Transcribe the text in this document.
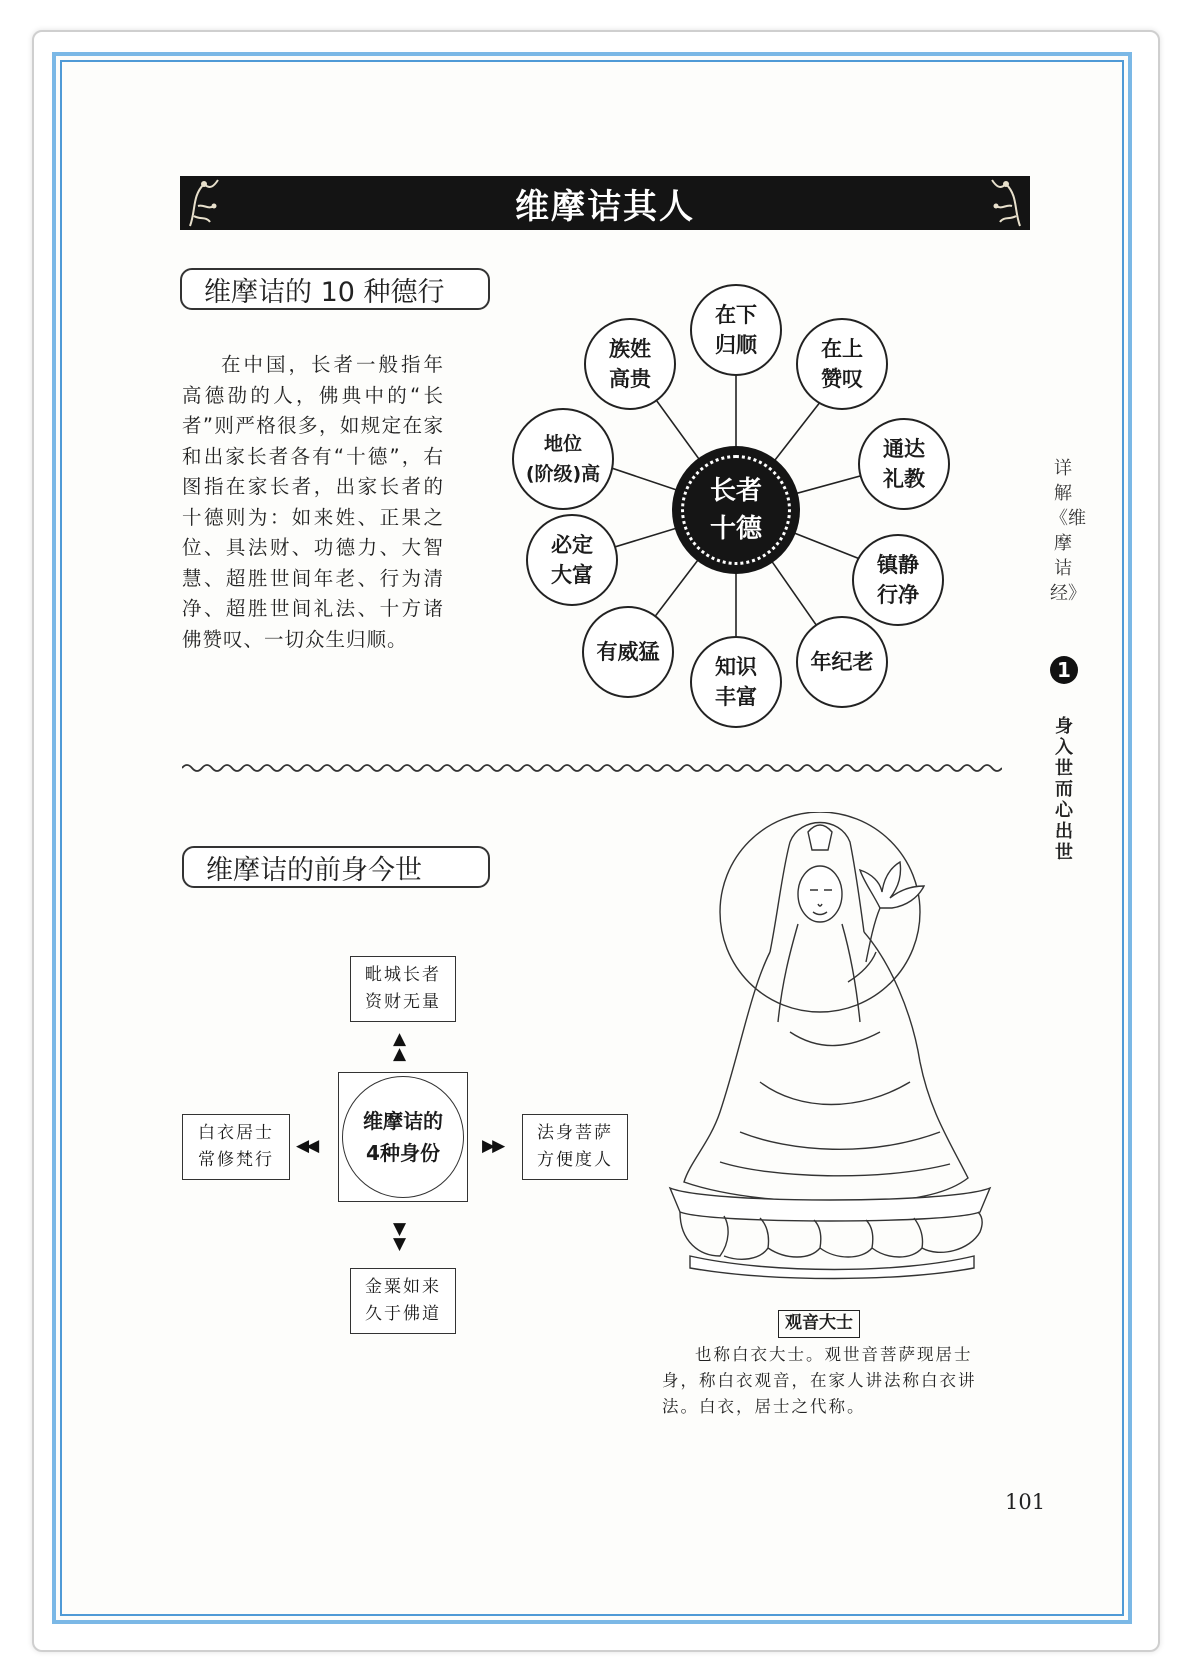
维摩诘其人
维摩诘的 10 种德行
在中国，长者一般指年高德劭的人，佛典中的“长者”则严格很多，如规定在家和出家长者各有“十德”，右图指在家长者，出家长者的十德则为：如来姓、正果之位、具法财、功德力、大智慧、超胜世间年老、行为清净、超胜世间礼法、十方诸佛赞叹、一切众生归顺。
在下
归顺	在上
赞叹
通达
礼教
镇静
行净
年纪老
知识
丰富
有威猛
必定
大富
地位
(阶级)高
族姓
高贵
长者
十德
维摩诘的前身今世
毗城长者
资财无量
白衣居士
常修梵行
法身菩萨
方便度人
金粟如来
久于佛道
维摩诘的
4种身份
▲
▲
▼
▼
◀◀	▶▶
观音大士
也称白衣大士。观世音菩萨现居士身，称白衣观音，在家人讲法称白衣讲法。白衣，居士之代称。
详解《维摩诘经》
1
身入世而心出世
101
